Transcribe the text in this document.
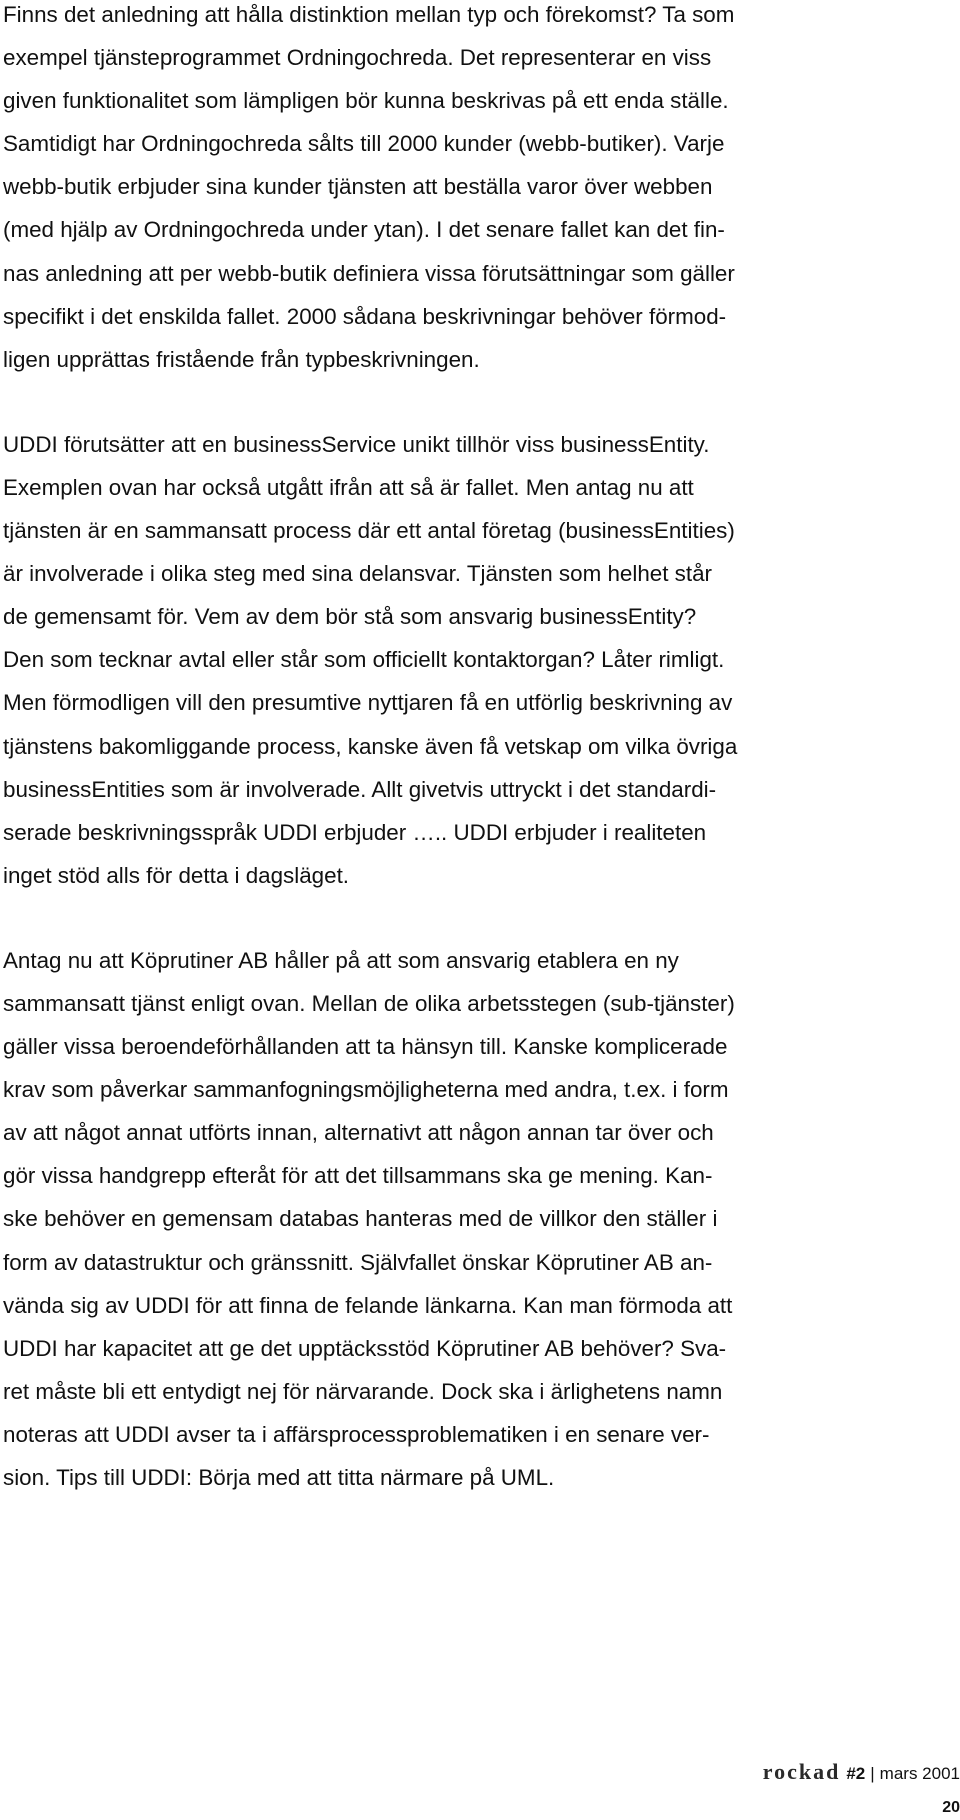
Finns det anledning att hålla distinktion mellan typ och förekomst? Ta som
exempel tjänsteprogrammet Ordningochreda. Det representerar en viss
given funktionalitet som lämpligen bör kunna beskrivas på ett enda ställe.
Samtidigt har Ordningochreda sålts till 2000 kunder (webb-butiker). Varje
webb-butik erbjuder sina kunder tjänsten att beställa varor över webben
(med hjälp av Ordningochreda under ytan). I det senare fallet kan det fin-
nas anledning att per webb-butik definiera vissa förutsättningar som gäller
specifikt i det enskilda fallet. 2000 sådana beskrivningar behöver förmod-
ligen upprättas fristående från typbeskrivningen.
UDDI förutsätter att en businessService unikt tillhör viss businessEntity.
Exemplen ovan har också utgått ifrån att så är fallet. Men antag nu att
tjänsten är en sammansatt process där ett antal företag (businessEntities)
är involverade i olika steg med sina delansvar. Tjänsten som helhet står
de gemensamt för. Vem av dem bör stå som ansvarig businessEntity?
Den som tecknar avtal eller står som officiellt kontaktorgan? Låter rimligt.
Men förmodligen vill den presumtive nyttjaren få en utförlig beskrivning av
tjänstens bakomliggande process, kanske även få vetskap om vilka övriga
businessEntities som är involverade. Allt givetvis uttryckt i det standardi-
serade beskrivningsspråk UDDI erbjuder ….. UDDI erbjuder i realiteten
inget stöd alls för detta i dagsläget.
Antag nu att Köprutiner AB håller på att som ansvarig etablera en ny
sammansatt tjänst enligt ovan. Mellan de olika arbetsstegen (sub-tjänster)
gäller vissa beroendeförhållanden att ta hänsyn till. Kanske komplicerade
krav som påverkar sammanfogningsmöjligheterna med andra, t.ex. i form
av att något annat utförts innan, alternativt att någon annan tar över och
gör vissa handgrepp efteråt för att det tillsammans ska ge mening. Kan-
ske behöver en gemensam databas hanteras med de villkor den ställer i
form av datastruktur och gränssnitt. Självfallet önskar Köprutiner AB an-
vända sig av UDDI för att finna de felande länkarna. Kan man förmoda att
UDDI har kapacitet att ge det upptäcksstöd Köprutiner AB behöver? Sva-
ret måste bli ett entydigt nej för närvarande. Dock ska i ärlighetens namn
noteras att UDDI avser ta i affärsprocessproblematiken i en senare ver-
sion. Tips till UDDI: Börja med att titta närmare på UML.
rockad #2 | mars 2001
20
